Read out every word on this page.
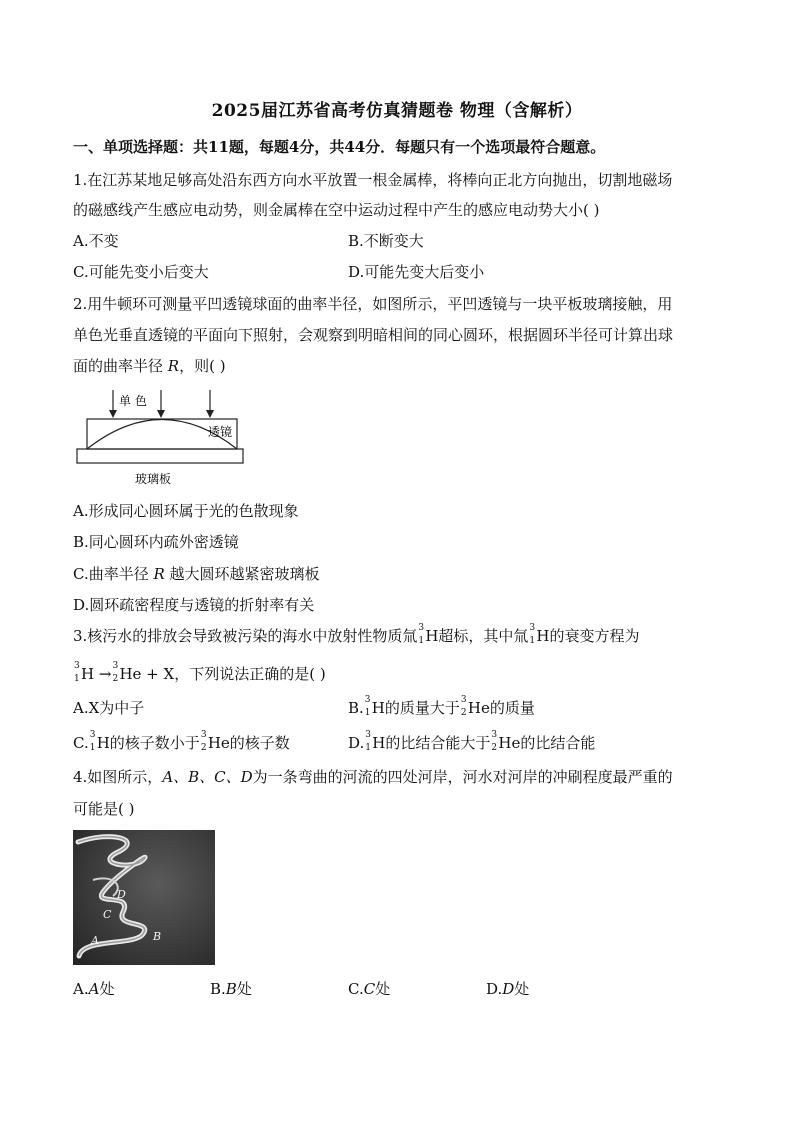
2025届江苏省高考仿真猜题卷 物理（含解析）
一、单项选择题：共11题，每题4分，共44分．每题只有一个选项最符合题意。
1.在江苏某地足够高处沿东西方向水平放置一根金属棒，将棒向正北方向抛出，切割地磁场
的磁感线产生感应电动势，则金属棒在空中运动过程中产生的感应电动势大小( )
A.不变	B.不断变大
C.可能先变小后变大	D.可能先变大后变小
2.用牛顿环可测量平凹透镜球面的曲率半径，如图所示，平凹透镜与一块平板玻璃接触，用
单色光垂直透镜的平面向下照射，会观察到明暗相间的同心圆环，根据圆环半径可计算出球
面的曲率半径 R，则( )
单 色
透镜
玻璃板
A.形成同心圆环属于光的色散现象
B.同心圆环内疏外密透镜
C.曲率半径 R 越大圆环越紧密玻璃板
D.圆环疏密程度与透镜的折射率有关
3.核污水的排放会导致被污染的海水中放射性物质氚 3
1 H超标，其中氚 3
1 H的衰变方程为
3
1 H → 3
2 He + X，下列说法正确的是( )
A.X为中子	B. 3
1 H的质量大于 3
2 He的质量
C. 3
1 H的核子数小于 3
2 He的核子数	D. 3
1 H的比结合能大于 3
2 He的比结合能
4.如图所示，A、B、C、D为一条弯曲的河流的四处河岸，河水对河岸的冲刷程度最严重的
可能是( )
A	B
C
D
A.A处	B.B处	C.C处	D.D处
